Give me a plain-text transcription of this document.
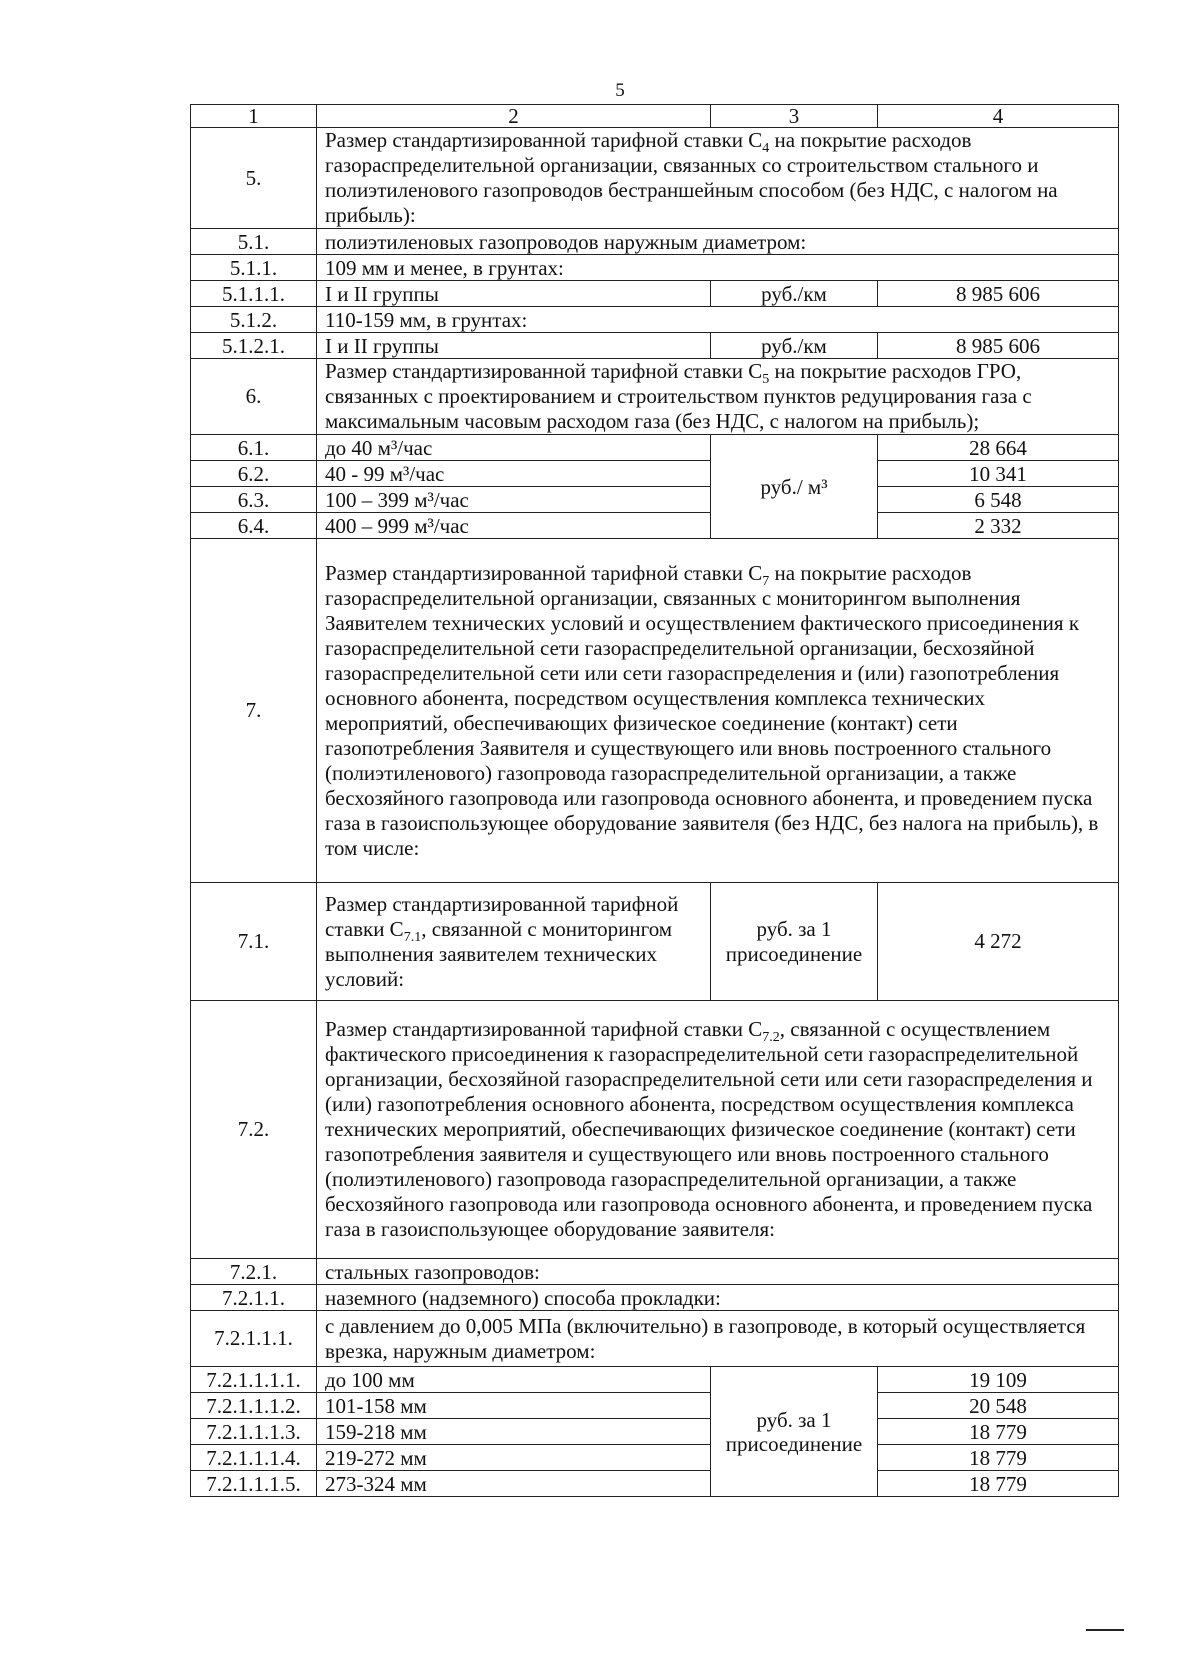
5
1	2	3	4
5.	Размер стандартизированной тарифной ставки $С_4$ на покрытие расходов газораспределительной организации, связанных со строительством стального и полиэтиленового газопроводов бестраншейным способом (без НДС, с налогом на прибыль):		
5.1.	полиэтиленовых газопроводов наружным диаметром:		
5.1.1.	109 мм и менее, в грунтах:		
5.1.1.1.	I и II группы	руб./км	8 985 606
5.1.2.	110-159 мм, в грунтах:		
5.1.2.1.	I и II группы	руб./км	8 985 606
6.	Размер стандартизированной тарифной ставки $С_5$ на покрытие расходов ГРО, связанных с проектированием и строительством пунктов редуцирования газа с максимальным часовым расходом газа (без НДС, с налогом на прибыль);		
6.1.	до 40 м³/час	руб./ м³	28 664
6.2.	40 - 99 м³/час		10 341
6.3.	100 – 399 м³/час		6 548
6.4.	400 – 999 м³/час		2 332
7.	Размер стандартизированной тарифной ставки $С_7$ на покрытие расходов газораспределительной организации, связанных с мониторингом выполнения Заявителем технических условий и осуществлением фактического присоединения к газораспределительной сети газораспределительной организации, бесхозяйной газораспределительной сети или сети газораспределения и (или) газопотребления основного абонента, посредством осуществления комплекса технических мероприятий, обеспечивающих физическое соединение (контакт) сети газопотребления Заявителя и существующего или вновь построенного стального (полиэтиленового) газопровода газораспределительной организации, а также бесхозяйного газопровода или газопровода основного абонента, и проведением пуска газа в газоиспользующее оборудование заявителя (без НДС, без налога на прибыль), в том числе:		
7.1.	Размер стандартизированной тарифной ставки $С_{7.1}$, связанной с мониторингом выполнения заявителем технических условий:	руб. за 1 присоединение	4 272
7.2.	Размер стандартизированной тарифной ставки $С_{7.2}$, связанной с осуществлением фактического присоединения к газораспределительной сети газораспределительной организации, бесхозяйной газораспределительной сети или сети газораспределения и (или) газопотребления основного абонента, посредством осуществления комплекса технических мероприятий, обеспечивающих физическое соединение (контакт) сети газопотребления заявителя и существующего или вновь построенного стального (полиэтиленового) газопровода газораспределительной организации, а также бесхозяйного газопровода или газопровода основного абонента, и проведением пуска газа в газоиспользующее оборудование заявителя:		
7.2.1.	стальных газопроводов:		
7.2.1.1.	наземного (надземного) способа прокладки:		
7.2.1.1.1.	с давлением до 0,005 МПа (включительно) в газопроводе, в который осуществляется врезка, наружным диаметром:		
7.2.1.1.1.1.	до 100 мм	руб. за 1 присоединение	19 109
7.2.1.1.1.2.	101-158 мм		20 548
7.2.1.1.1.3.	159-218 мм		18 779
7.2.1.1.1.4.	219-272 мм		18 779
7.2.1.1.1.5.	273-324 мм		18 779
